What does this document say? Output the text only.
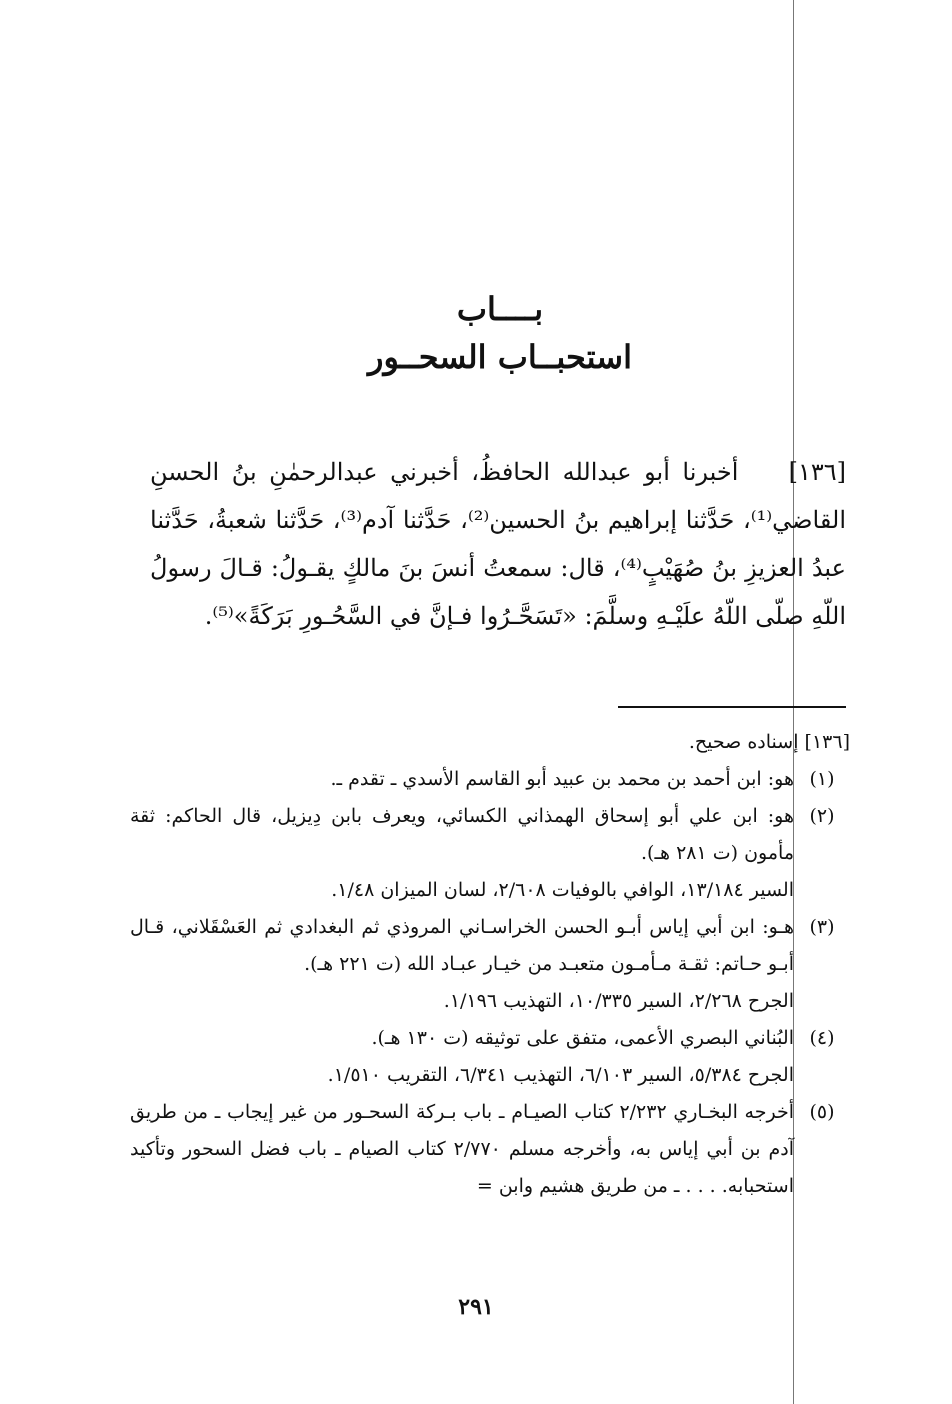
بــــاب
استحبــاب السحــور
[١٣٦]    أخبرنا أبو عبدالله الحافظُ، أخبرني عبدالرحمٰنِ بنُ الحسنِ القاضي⁽¹⁾، حَدَّثنا إبراهيم بنُ الحسين⁽²⁾، حَدَّثنا آدم⁽³⁾، حَدَّثنا شعبةُ، حَدَّثنا عبدُ العزيزِ بنُ صُهَيْبٍ⁽⁴⁾، قال: سمعتُ أنسَ بنَ مالكٍ يقـولُ: قـالَ رسولُ اللّهِ صلّى اللّهُ علَيْـهِ وسلَّمَ: «تَسَحَّـرُوا فـإنَّ في السَّحُـورِ بَرَكَةً»⁽⁵⁾.
[١٣٦] إسناده صحيح.
(١)
هو: ابن أحمد بن محمد بن عبيد أبو القاسم الأسدي ـ تقدم ـ.
(٢)
هو: ابن علي أبو إسحاق الهمذاني الكسائي، ويعرف بابن دِيزيل، قال الحاكم: ثقة مأمون (ت ٢٨١ هـ).
السير ١٣/١٨٤، الوافي بالوفيات ٢/٦٠٨، لسان الميزان ١/٤٨.
(٣)
هـو: ابن أبي إياس أبـو الحسن الخراسـاني المروذي ثم البغدادي ثم العَسْقَلاني، قـال أبـو حـاتم: ثقـة مـأمـون متعبـد من خيـار عبـاد الله (ت ٢٢١ هـ).
الجرح ٢/٢٦٨، السير ١٠/٣٣٥، التهذيب ١/١٩٦.
(٤)
البُناني البصري الأعمى، متفق على توثيقه (ت ١٣٠ هـ).
الجرح ٥/٣٨٤، السير ٦/١٠٣، التهذيب ٦/٣٤١، التقريب ١/٥١٠.
(٥)
أخرجه البخـاري ٢/٢٣٢ كتاب الصيـام ـ باب بـركة السحـور من غير إيجاب ـ من طريق آدم بن أبي إياس به، وأخرجه مسلم ٢/٧٧٠ كتاب الصيام ـ باب فضل السحور وتأكيد استحبابه. . . . ـ من طريق هشيم وابن =
٢٩١
